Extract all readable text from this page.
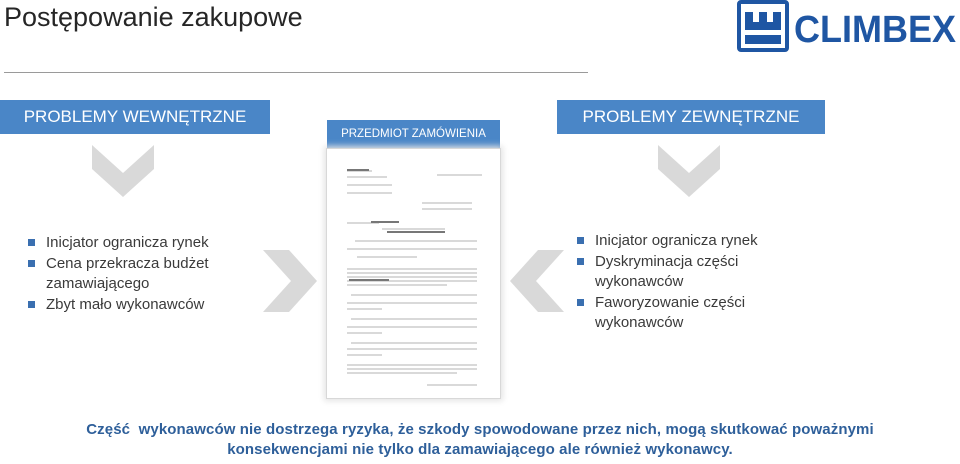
Postępowanie zakupowe	CLIMBEX
PROBLEMY WEWNĘTRZNE	PROBLEMY ZEWNĘTRZNE
PRZEDMIOT ZAMÓWIENIA
Inicjator ogranicza rynek
Cena przekracza budżet zamawiającego
Zbyt mało wykonawców
Inicjator ogranicza rynek
Dyskryminacja części wykonawców
Faworyzowanie części wykonawców
Część  wykonawców nie dostrzega ryzyka, że szkody spowodowane przez nich, mogą skutkować poważnymi
konsekwencjami nie tylko dla zamawiającego ale również wykonawcy.
